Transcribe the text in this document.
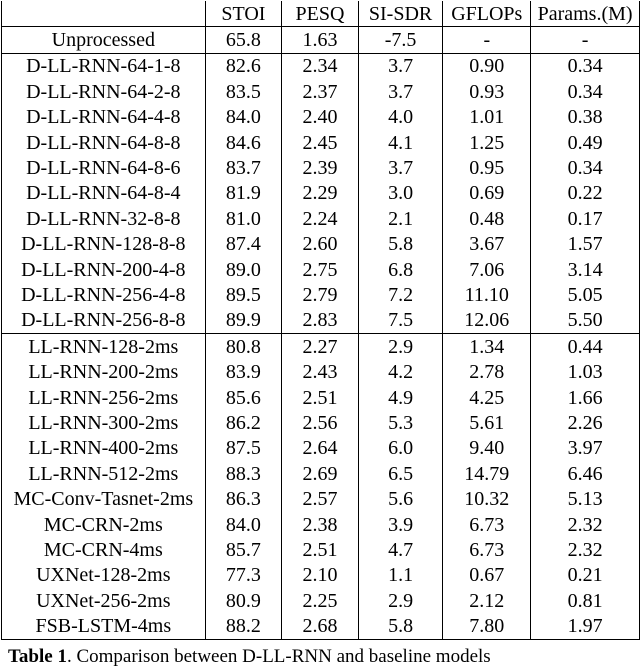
	STOI	PESQ	SI-SDR	GFLOPs	Params.(M)
Unprocessed	65.8	1.63	-7.5	-	-
D-LL-RNN-64-1-8	82.6	2.34	3.7	0.90	0.34
D-LL-RNN-64-2-8	83.5	2.37	3.7	0.93	0.34
D-LL-RNN-64-4-8	84.0	2.40	4.0	1.01	0.38
D-LL-RNN-64-8-8	84.6	2.45	4.1	1.25	0.49
D-LL-RNN-64-8-6	83.7	2.39	3.7	0.95	0.34
D-LL-RNN-64-8-4	81.9	2.29	3.0	0.69	0.22
D-LL-RNN-32-8-8	81.0	2.24	2.1	0.48	0.17
D-LL-RNN-128-8-8	87.4	2.60	5.8	3.67	1.57
D-LL-RNN-200-4-8	89.0	2.75	6.8	7.06	3.14
D-LL-RNN-256-4-8	89.5	2.79	7.2	11.10	5.05
D-LL-RNN-256-8-8	89.9	2.83	7.5	12.06	5.50
LL-RNN-128-2ms	80.8	2.27	2.9	1.34	0.44
LL-RNN-200-2ms	83.9	2.43	4.2	2.78	1.03
LL-RNN-256-2ms	85.6	2.51	4.9	4.25	1.66
LL-RNN-300-2ms	86.2	2.56	5.3	5.61	2.26
LL-RNN-400-2ms	87.5	2.64	6.0	9.40	3.97
LL-RNN-512-2ms	88.3	2.69	6.5	14.79	6.46
MC-Conv-Tasnet-2ms	86.3	2.57	5.6	10.32	5.13
MC-CRN-2ms	84.0	2.38	3.9	6.73	2.32
MC-CRN-4ms	85.7	2.51	4.7	6.73	2.32
UXNet-128-2ms	77.3	2.10	1.1	0.67	0.21
UXNet-256-2ms	80.9	2.25	2.9	2.12	0.81
FSB-LSTM-4ms	88.2	2.68	5.8	7.80	1.97
Table 1. Comparison between D-LL-RNN and baseline models
